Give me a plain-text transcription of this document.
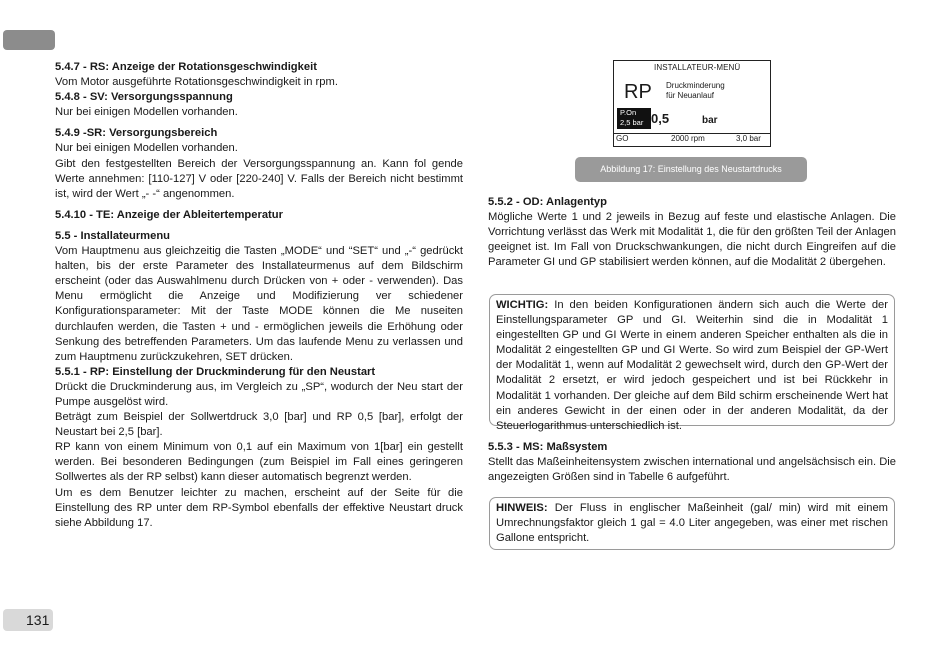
5.4.7 - RS: Anzeige der Rotationsgeschwindigkeit

Vom Motor ausgeführte Rotationsgeschwindigkeit in rpm.

5.4.8 - SV: Versorgungsspannung

Nur bei einigen Modellen vorhanden.

5.4.9 -SR: Versorgungsbereich

Nur bei einigen Modellen vorhanden.

Gibt den festgestellten Bereich der Versorgungsspannung an. Kann fol gende Werte annehmen: [110-127] V oder [220-240] V. Falls der Bereich nicht bestimmt ist, wird der Wert „- -“ angenommen.

5.4.10 - TE: Anzeige der Ableitertemperatur

5.5 - Installateurmenu

Vom Hauptmenu aus gleichzeitig die Tasten „MODE“ und “SET“ und „-“ gedrückt halten, bis der erste Parameter des Installateurmenus auf dem Bildschirm erscheint (oder das Auswahlmenu durch Drücken von + oder - verwenden). Das Menu ermöglicht die Anzeige und Modifizierung ver schiedener Konfigurationsparameter: Mit der Taste MODE können die Me nuseiten durchlaufen werden, die Tasten + und - ermöglichen jeweils die Erhöhung oder Senkung des betreffenden Parameters. Um das laufende Menu zu verlassen und zum Hauptmenu zurückzukehren, SET drücken.

5.5.1 - RP: Einstellung der Druckminderung für den Neustart

Drückt die Druckminderung aus, im Vergleich zu „SP“, wodurch der Neu start der Pumpe ausgelöst wird.

Beträgt zum Beispiel der Sollwertdruck 3,0 [bar] und RP 0,5 [bar], erfolgt der Neustart bei 2,5 [bar].

RP kann von einem Minimum von 0,1 auf ein Maximum von 1[bar] ein gestellt werden. Bei besonderen Bedingungen (zum Beispiel im Fall eines geringeren Sollwertes als der RP selbst) kann dieser automatisch begrenzt werden.

Um es dem Benutzer leichter zu machen, erscheint auf der Seite für die Einstellung des RP unter dem RP-Symbol ebenfalls der effektive Neustart druck siehe Abbildung 17.

INSTALLATEUR-MENÜ
RP Druckminderung
für Neuanlauf
P.On
2,5 bar 0,5	bar
GO	2000 rpm	3,0 bar
Abbildung 17: Einstellung des Neustartdrucks

5.5.2 - OD: Anlagentyp

Mögliche Werte 1 und 2 jeweils in Bezug auf feste und elastische Anlagen. Die Vorrichtung verlässt das Werk mit Modalität 1, die für den größten Teil der Anlagen geeignet ist. Im Fall von Druckschwankungen, die nicht durch Eingreifen auf die Parameter GI und GP stabilisiert werden können, auf die Modalität 2 übergehen.

WICHTIG: In den beiden Konfigurationen ändern sich auch die Werte der Einstellungsparameter GP und GI. Weiterhin sind die in Modalität 1 eingestellten GP und GI Werte in einem anderen Speicher enthalten als die in Modalität 2 eingestellten GP und GI Werte. So wird zum Beispiel der GP-Wert der Modalität 1, wenn auf Modalität 2 gewechselt wird, durch den GP-Wert der Modalität 2 ersetzt, er wird jedoch gespeichert und ist bei Rückkehr in Modalität 1 vorhanden. Der gleiche auf dem Bild schirm erscheinende Wert hat ein anderes Gewicht in der einen oder in der anderen Modalität, da der Steuerlogarithmus unterschiedlich ist.

5.5.3 - MS: Maßsystem

Stellt das Maßeinheitensystem zwischen international und angelsächsisch ein. Die angezeigten Größen sind in Tabelle 6 aufgeführt.

HINWEIS: Der Fluss in englischer Maßeinheit (gal/ min) wird mit einem Umrechnungsfaktor gleich 1 gal = 4.0 Liter angegeben, was einer met rischen Gallone entspricht.

131
